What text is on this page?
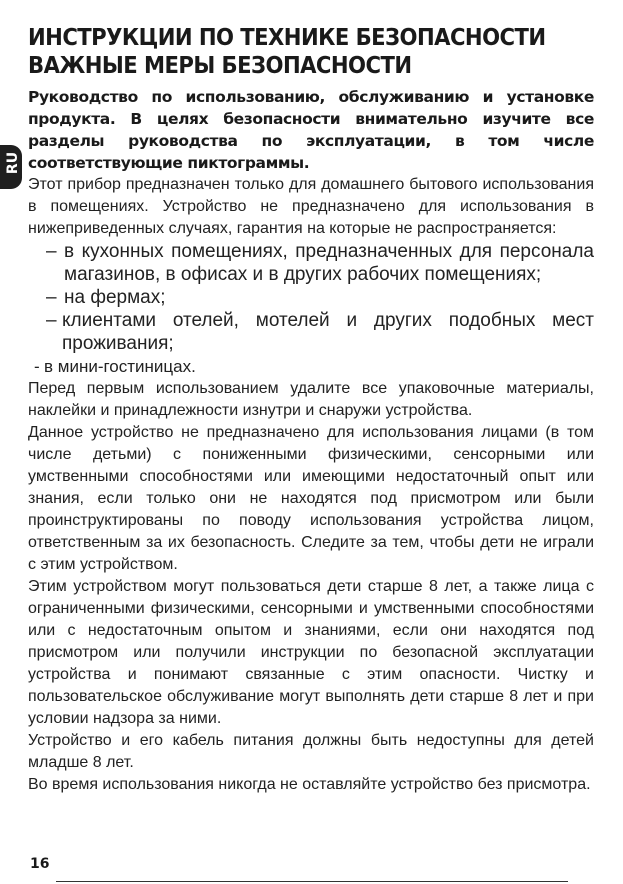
RU
ИНСТРУКЦИИ ПО ТЕХНИКЕ БЕЗОПАСНОСТИ
ВАЖНЫЕ МЕРЫ БЕЗОПАСНОСТИ

Руководство по использованию, обслуживанию и установке продукта. В целях безопасности внимательно изучите все разделы руководства по эксплуатации, в том числе соответствующие пиктограммы.

Этот прибор предназначен только для домашнего бытового использования в помещениях. Устройство не предназначено для использования в нижеприведенных случаях, гарантия на которые не распространяется:

– в кухонных помещениях, предназначенных для персонала магазинов, в офисах и в других рабочих помещениях;
– на фермах;
– клиентами отелей, мотелей и других подобных мест проживания;
- в мини-гостиницах.

Перед первым использованием удалите все упаковочные материалы, наклейки и принадлежности изнутри и снаружи устройства.

Данное устройство не предназначено для использования лицами (в том числе детьми) с пониженными физическими, сенсорными или умственными способностями или имеющими недостаточный опыт или знания, если только они не находятся под присмотром или были проинструктированы по поводу использования устройства лицом, ответственным за их безопасность. Следите за тем, чтобы дети не играли с этим устройством.

Этим устройством могут пользоваться дети старше 8 лет, а также лица с ограниченными физическими, сенсорными и умственными способностями или с недостаточным опытом и знаниями, если они находятся под присмотром или получили инструкции по безопасной эксплуатации устройства и понимают связанные с этим опасности. Чистку и пользовательское обслуживание могут выполнять дети старше 8 лет и при условии надзора за ними.

Устройство и его кабель питания должны быть недоступны для детей младше 8 лет.

Во время использования никогда не оставляйте устройство без присмотра.

16
